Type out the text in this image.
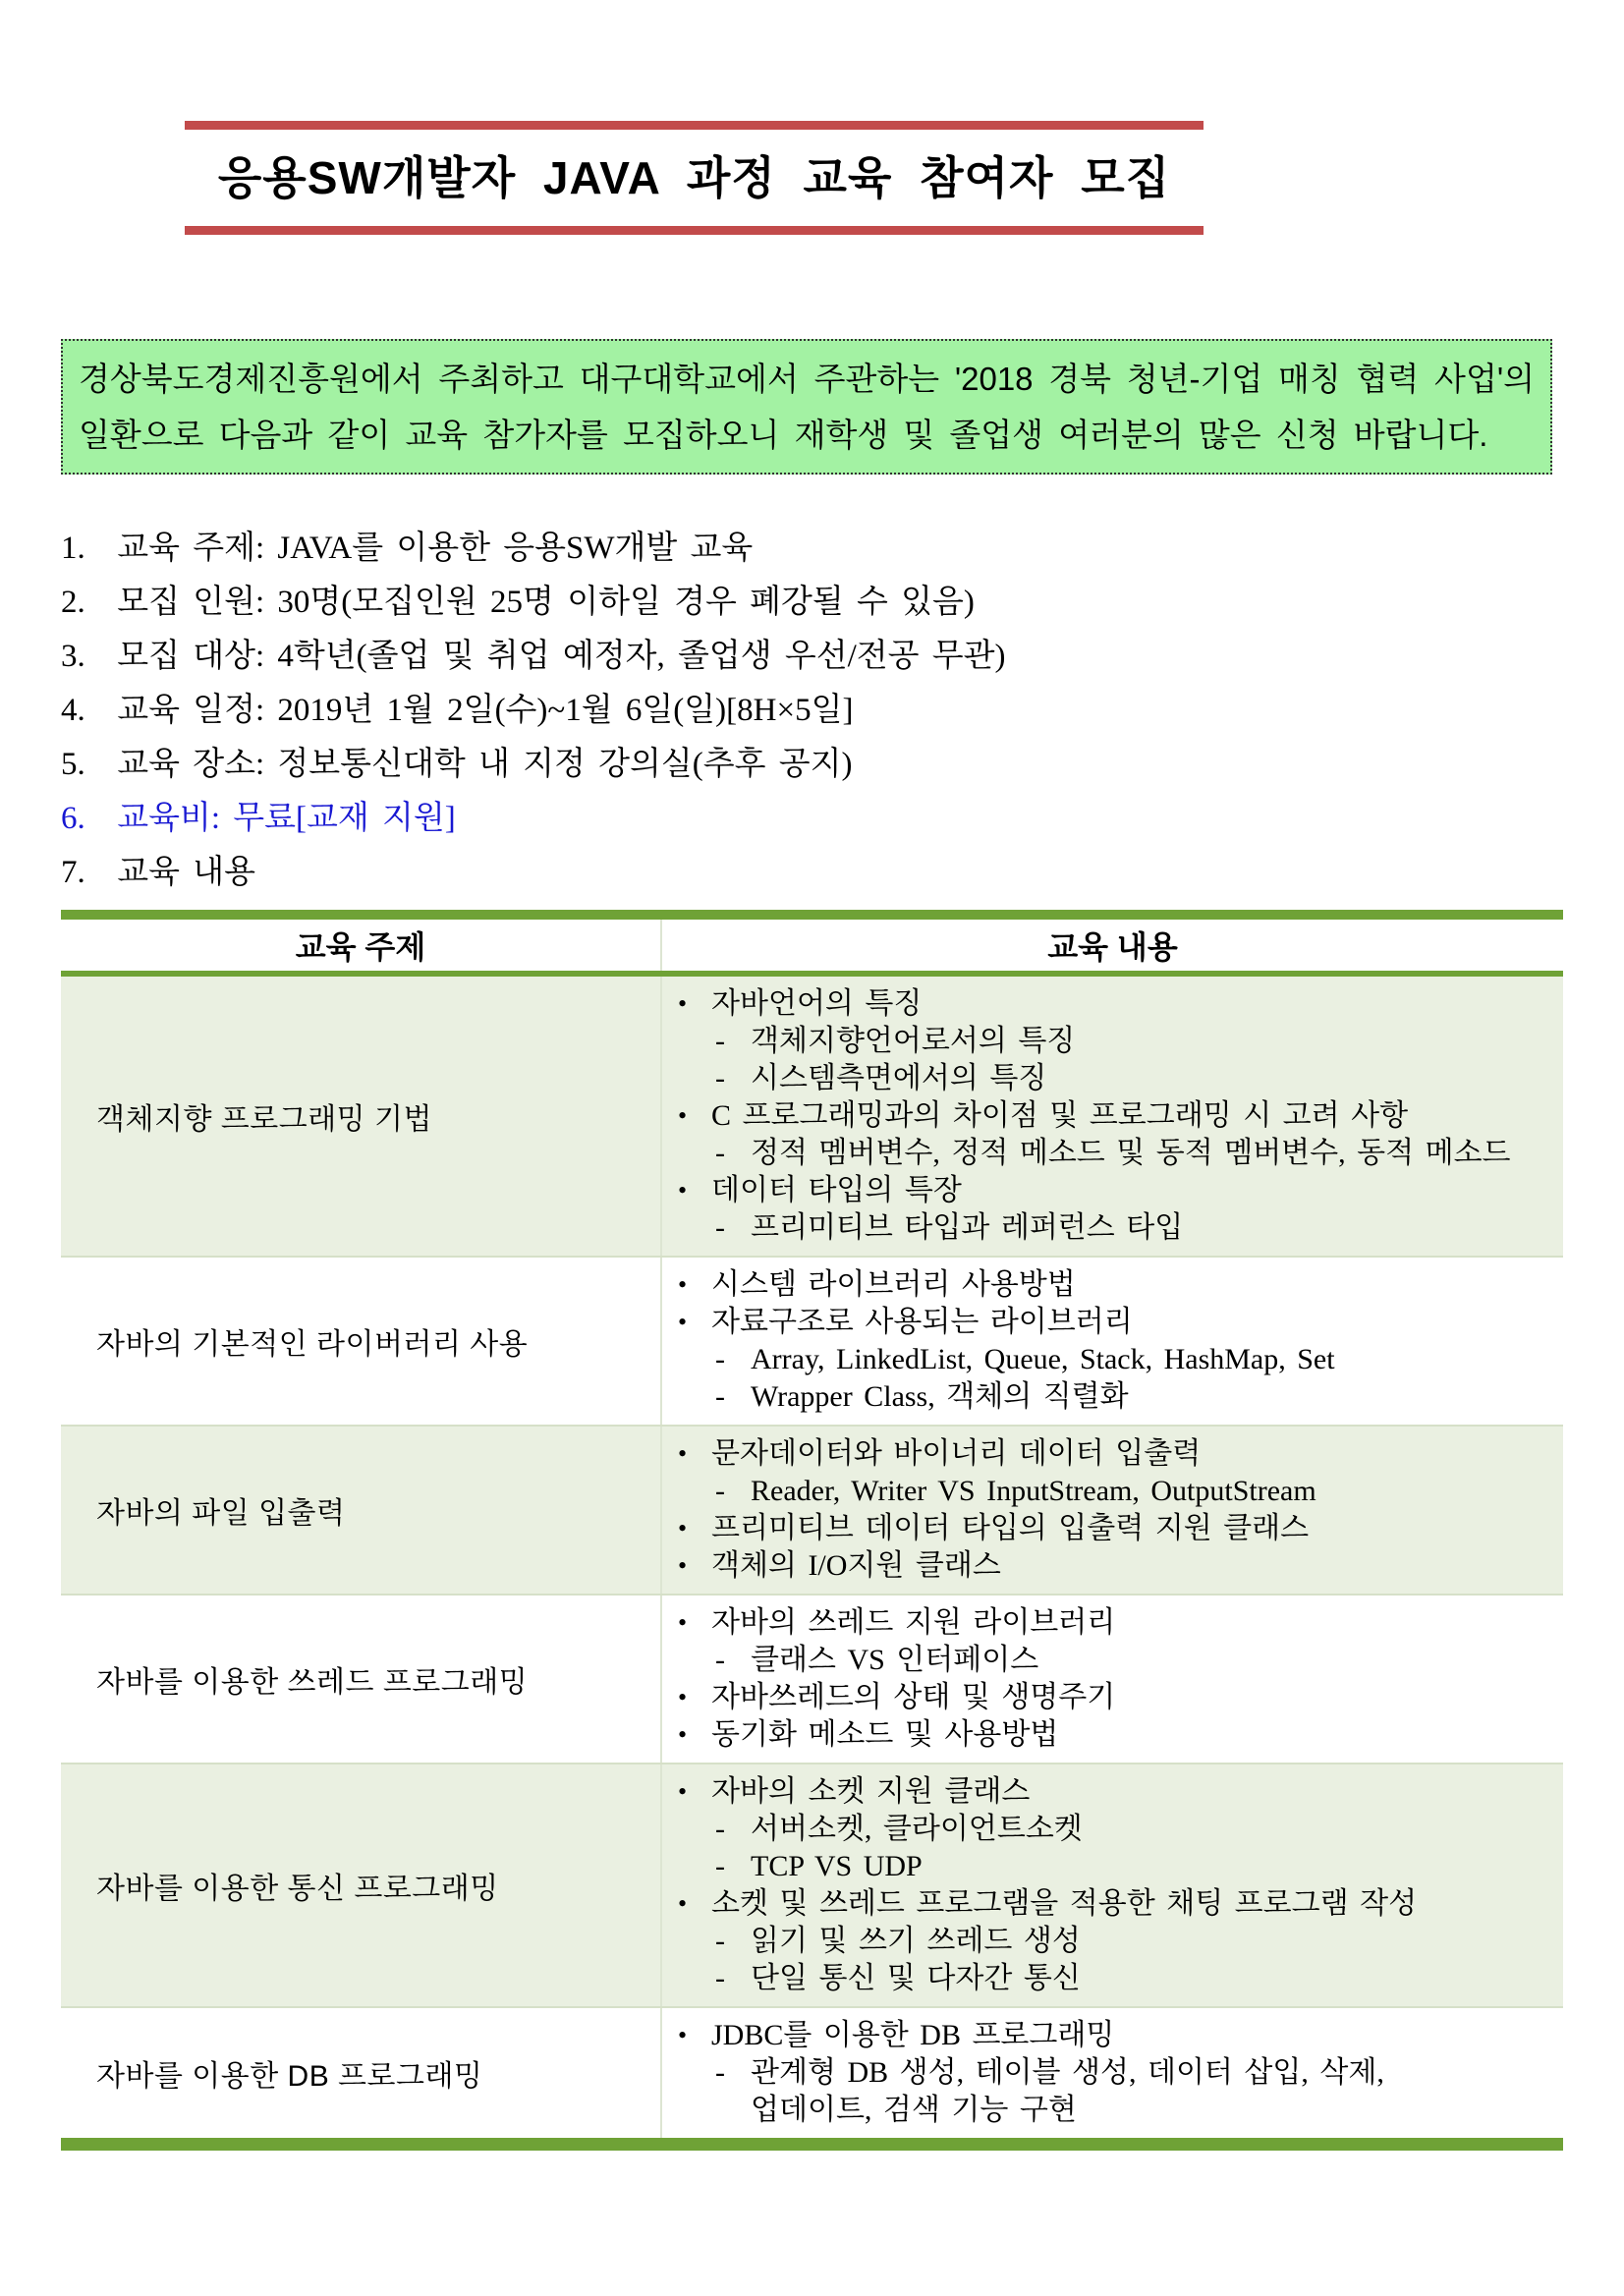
응용SW개발자 JAVA 과정 교육 참여자 모집

경상북도경제진흥원에서 주최하고 대구대학교에서 주관하는 '2018 경북 청년-기업 매칭 협력 사업'의 일환으로 다음과 같이 교육 참가자를 모집하오니 재학생 및 졸업생 여러분의 많은 신청 바랍니다.

1. 교육 주제: JAVA를 이용한 응용SW개발 교육
2. 모집 인원: 30명(모집인원 25명 이하일 경우 폐강될 수 있음)
3. 모집 대상: 4학년(졸업 및 취업 예정자, 졸업생 우선/전공 무관)
4. 교육 일정: 2019년 1월 2일(수)~1월 6일(일)[8H×5일]
5. 교육 장소: 정보통신대학 내 지정 강의실(추후 공지)
6. 교육비: 무료[교재 지원]
7. 교육 내용
교육 주제	교육 내용
객체지향 프로그래밍 기법
• 자바언어의 특징
- 객체지향언어로서의 특징
- 시스템측면에서의 특징
• C 프로그래밍과의 차이점 및 프로그래밍 시 고려 사항
- 정적 멤버변수, 정적 메소드 및 동적 멤버변수, 동적 메소드
• 데이터 타입의 특장
- 프리미티브 타입과 레퍼런스 타입
자바의 기본적인 라이버러리 사용
• 시스템 라이브러리 사용방법
• 자료구조로 사용되는 라이브러리
- Array, LinkedList, Queue, Stack, HashMap, Set
- Wrapper Class, 객체의 직렬화
자바의 파일 입출력
• 문자데이터와 바이너리 데이터 입출력
- Reader, Writer VS InputStream, OutputStream
• 프리미티브 데이터 타입의 입출력 지원 클래스
• 객체의 I/O지원 클래스
자바를 이용한 쓰레드 프로그래밍
• 자바의 쓰레드 지원 라이브러리
- 클래스 VS 인터페이스
• 자바쓰레드의 상태 및 생명주기
• 동기화 메소드 및 사용방법
자바를 이용한 통신 프로그래밍
• 자바의 소켓 지원 클래스
- 서버소켓, 클라이언트소켓
- TCP VS UDP
• 소켓 및 쓰레드 프로그램을 적용한 채팅 프로그램 작성
- 읽기 및 쓰기 쓰레드 생성
- 단일 통신 및 다자간 통신
자바를 이용한 DB 프로그래밍
• JDBC를 이용한 DB 프로그래밍
- 관계형 DB 생성, 테이블 생성, 데이터 삽입, 삭제,
업데이트, 검색 기능 구현
